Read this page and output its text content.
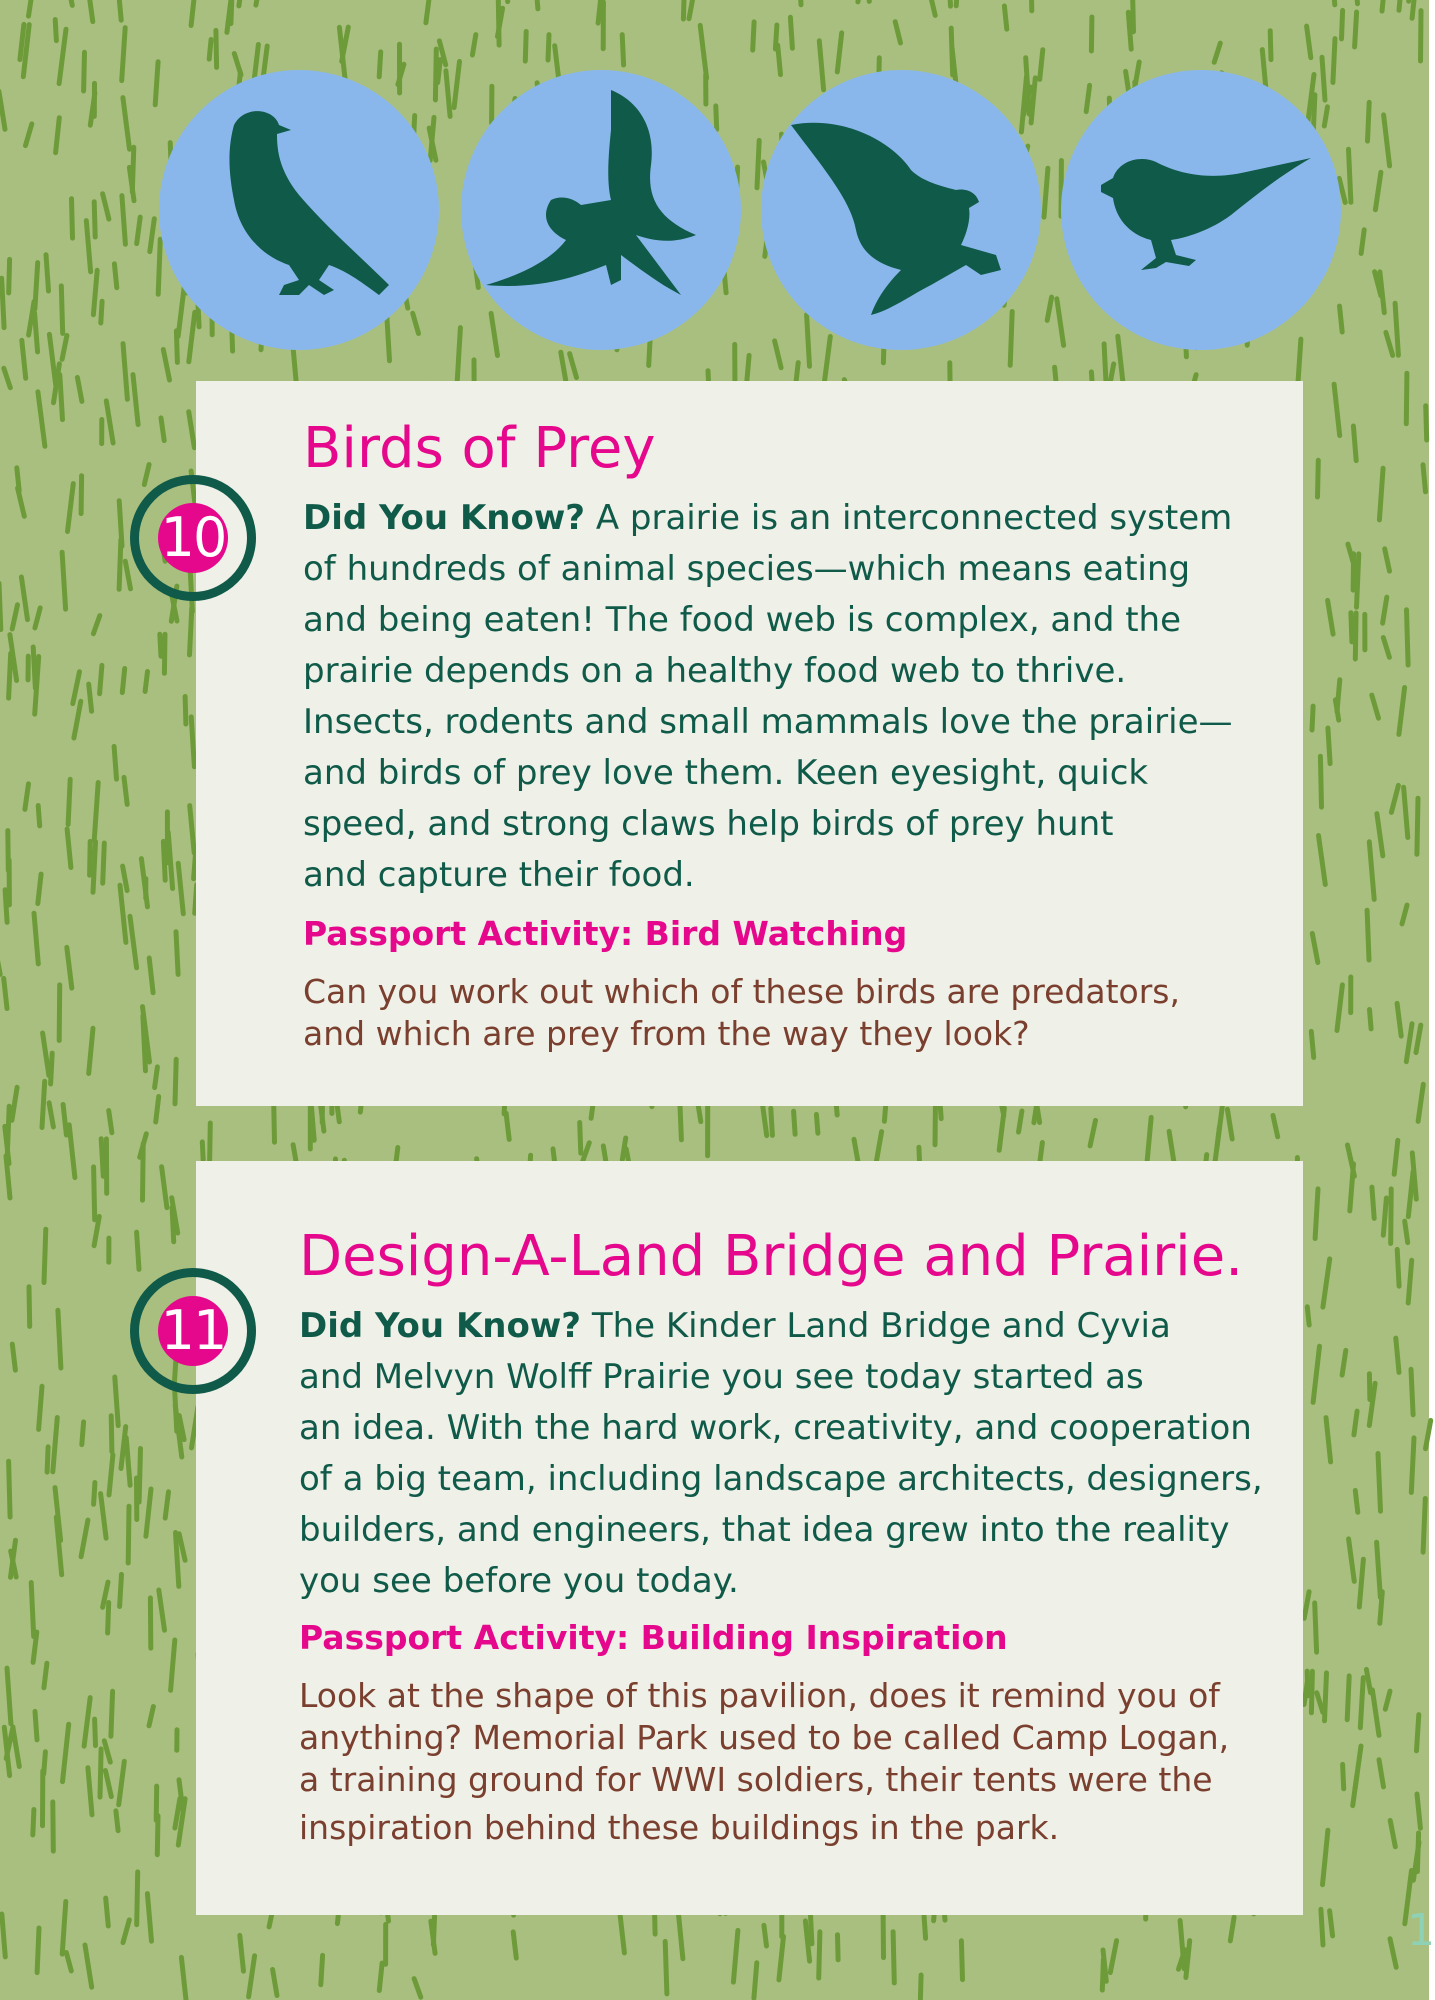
10
Birds of Prey
Did You Know? A prairie is an interconnected system
of hundreds of animal species—which means eating
and being eaten! The food web is complex, and the
prairie depends on a healthy food web to thrive.
Insects, rodents and small mammals love the prairie—
and birds of prey love them. Keen eyesight, quick
speed, and strong claws help birds of prey hunt
and capture their food.
Passport Activity: Bird Watching
Can you work out which of these birds are predators,
and which are prey from the way they look?
11
Design-A-Land Bridge and Prairie.
Did You Know? The Kinder Land Bridge and Cyvia
and Melvyn Wolff Prairie you see today started as
an idea. With the hard work, creativity, and cooperation
of a big team, including landscape architects, designers,
builders, and engineers, that idea grew into the reality
you see before you today.
Passport Activity: Building Inspiration
Look at the shape of this pavilion, does it remind you of
anything? Memorial Park used to be called Camp Logan,
a training ground for WWI soldiers, their tents were the
inspiration behind these buildings in the park.
1
